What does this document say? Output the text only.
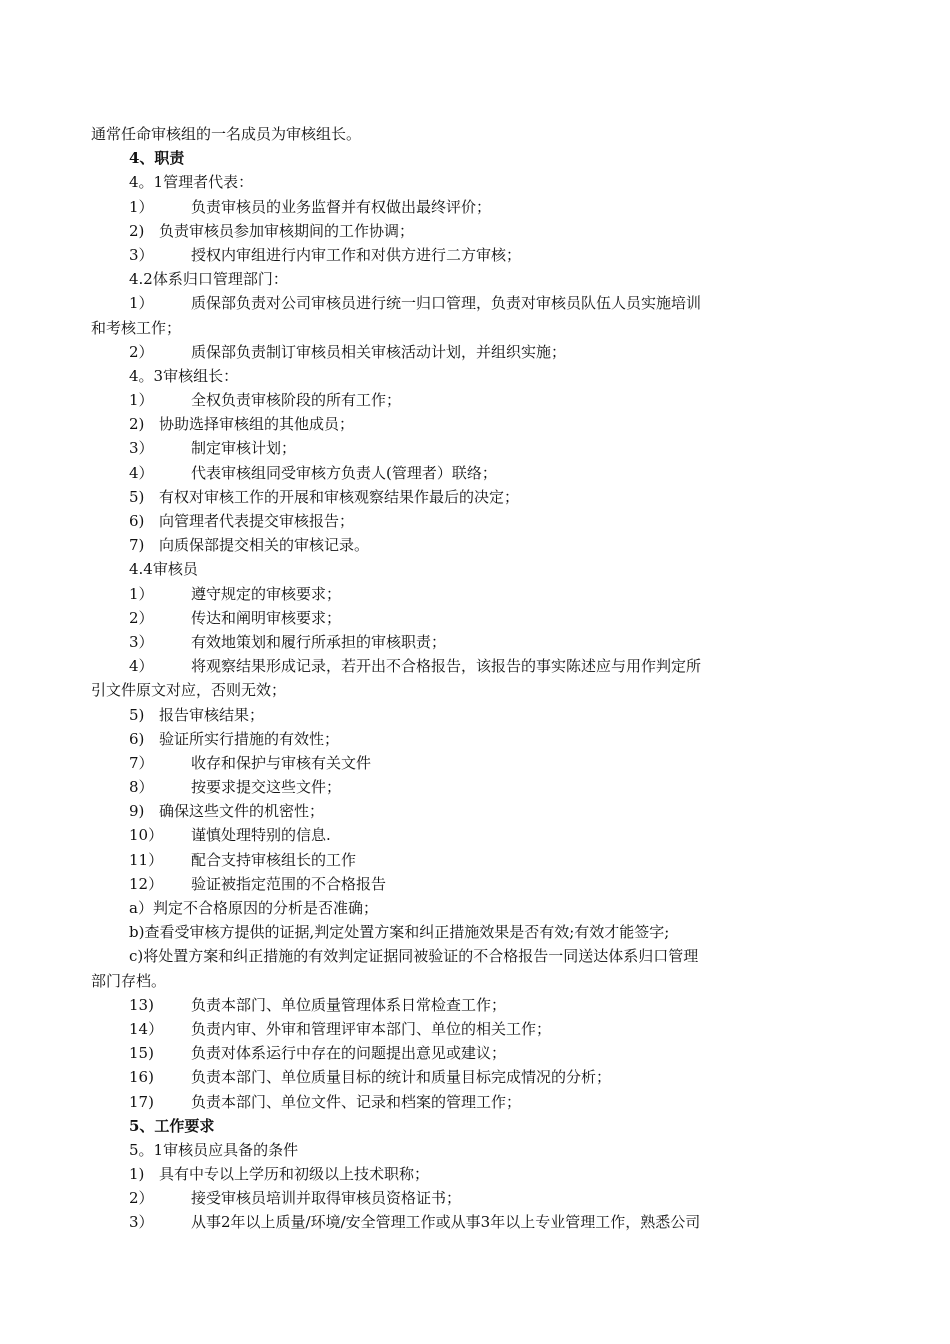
通常任命审核组的一名成员为审核组长。
4、职责
4。1管理者代表：
1） 负责审核员的业务监督并有权做出最终评价；
2) 负责审核员参加审核期间的工作协调；
3） 授权内审组进行内审工作和对供方进行二方审核；
4.2体系归口管理部门：
1） 质保部负责对公司审核员进行统一归口管理，负责对审核员队伍人员实施培训
和考核工作；
2） 质保部负责制订审核员相关审核活动计划，并组织实施；
4。3审核组长：
1） 全权负责审核阶段的所有工作；
2) 协助选择审核组的其他成员；
3） 制定审核计划；
4） 代表审核组同受审核方负责人(管理者）联络；
5) 有权对审核工作的开展和审核观察结果作最后的决定；
6) 向管理者代表提交审核报告；
7) 向质保部提交相关的审核记录。
4.4审核员
1） 遵守规定的审核要求；
2） 传达和阐明审核要求；
3） 有效地策划和履行所承担的审核职责；
4） 将观察结果形成记录，若开出不合格报告，该报告的事实陈述应与用作判定所
引文件原文对应，否则无效；
5) 报告审核结果；
6) 验证所实行措施的有效性；
7） 收存和保护与审核有关文件
8） 按要求提交这些文件；
9) 确保这些文件的机密性；
10） 谨慎处理特别的信息.
11） 配合支持审核组长的工作
12） 验证被指定范围的不合格报告
a）判定不合格原因的分析是否准确；
b)查看受审核方提供的证据,判定处置方案和纠正措施效果是否有效;有效才能签字;
c)将处置方案和纠正措施的有效判定证据同被验证的不合格报告一同送达体系归口管理
部门存档。
13) 负责本部门、单位质量管理体系日常检查工作；
14） 负责内审、外审和管理评审本部门、单位的相关工作；
15) 负责对体系运行中存在的问题提出意见或建议；
16) 负责本部门、单位质量目标的统计和质量目标完成情况的分析；
17) 负责本部门、单位文件、记录和档案的管理工作；
5、工作要求
5。1审核员应具备的条件
1) 具有中专以上学历和初级以上技术职称；
2） 接受审核员培训并取得审核员资格证书；
3） 从事2年以上质量/环境/安全管理工作或从事3年以上专业管理工作，熟悉公司
